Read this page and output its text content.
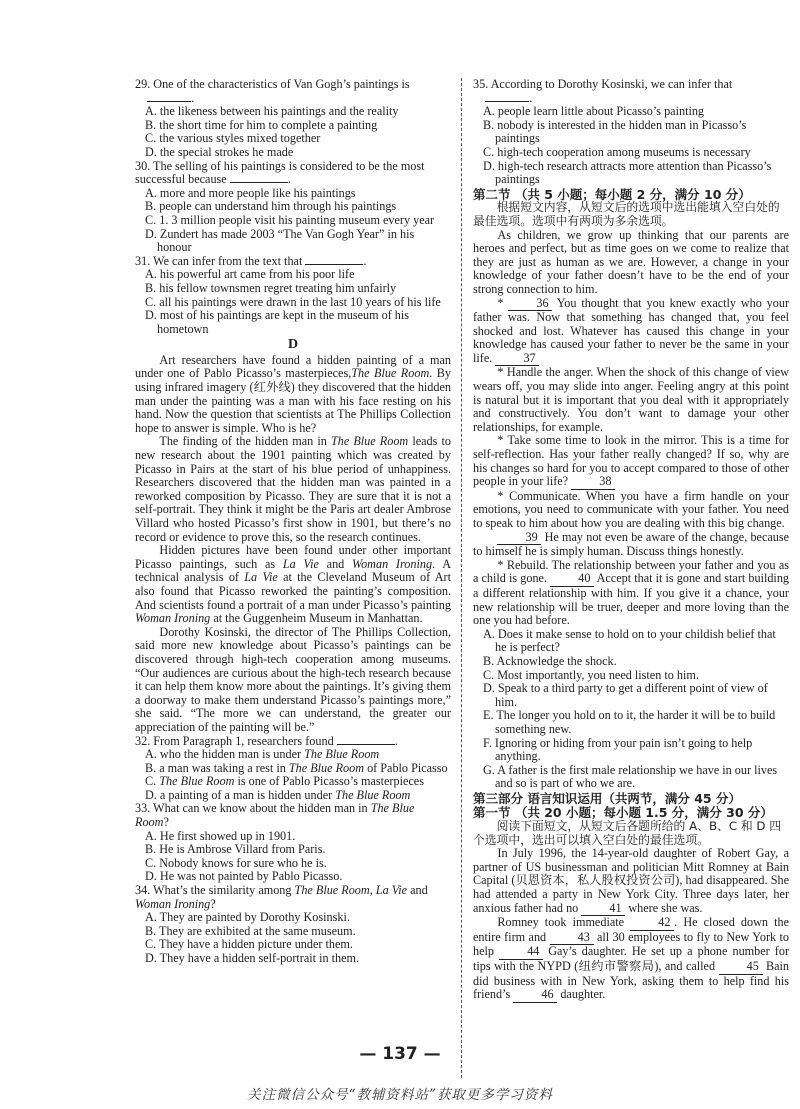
29. One of the characteristics of Van Gogh’s paintings is
.

A. the likeness between his paintings and the reality

B. the short time for him to complete a painting

C. the various styles mixed together

D. the special strokes he made

30. The selling of his paintings is considered to be the most successful because	.

A. more and more people like his paintings

B. people can understand him through his paintings

C. 1. 3 million people visit his painting museum every year

D. Zundert has made 2003 “The Van Gogh Year” in his honour

31. We can infer from the text that	.

A. his powerful art came from his poor life

B. his fellow townsmen regret treating him unfairly

C. all his paintings were drawn in the last 10 years of his life

D. most of his paintings are kept in the museum of his hometown

D

Art researchers have found a hidden painting of a man under one of Pablo Picasso’s masterpieces,The Blue Room. By using infrared imagery (红外线) they discovered that the hidden man under the painting was a man with his face resting on his hand. Now the question that scientists at The Phillips Collection hope to answer is simple. Who is he?

The finding of the hidden man in The Blue Room leads to new research about the 1901 painting which was created by Picasso in Pairs at the start of his blue period of unhappiness. Researchers discovered that the hidden man was painted in a reworked composition by Picasso. They are sure that it is not a self-portrait. They think it might be the Paris art dealer Ambrose Villard who hosted Picasso’s first show in 1901, but there’s no record or evidence to prove this, so the research continues.

Hidden pictures have been found under other important Picasso paintings, such as La Vie and Woman Ironing. A technical analysis of La Vie at the Cleveland Museum of Art also found that Picasso reworked the painting’s composition. And scientists found a portrait of a man under Picasso’s painting Woman Ironing at the Guggenheim Museum in Manhattan.

Dorothy Kosinski, the director of The Phillips Collection, said more new knowledge about Picasso’s paintings can be discovered through high-tech cooperation among museums. “Our audiences are curious about the high-tech research because it can help them know more about the paintings. It’s giving them a doorway to make them understand Picasso’s paintings more,” she said. “The more we can understand, the greater our appreciation of the painting will be.”

32. From Paragraph 1, researchers found	.

A. who the hidden man is under The Blue Room

B. a man was taking a rest in The Blue Room of Pablo Picasso

C. The Blue Room is one of Pablo Picasso’s masterpieces

D. a painting of a man is hidden under The Blue Room

33. What can we know about the hidden man in The Blue Room?

A. He first showed up in 1901.

B. He is Ambrose Villard from Paris.

C. Nobody knows for sure who he is.

D. He was not painted by Pablo Picasso.

34. What’s the similarity among The Blue Room, La Vie and Woman Ironing?

A. They are painted by Dorothy Kosinski.

B. They are exhibited at the same museum.

C. They have a hidden picture under them.

D. They have a hidden self-portrait in them.

35. According to Dorothy Kosinski, we can infer that
.

A. people learn little about Picasso’s painting

B. nobody is interested in the hidden man in Picasso’s paintings

C. high-tech cooperation among museums is necessary

D. high-tech research attracts more attention than Picasso’s paintings

第二节 （共 5 小题；每小题 2 分，满分 10 分）

根据短文内容，从短文后的选项中选出能填入空白处的最佳选项。选项中有两项为多余选项。

As children, we grow up thinking that our parents are heroes and perfect, but as time goes on we come to realize that they are just as human as we are. However, a change in your knowledge of your father doesn’t have to be the end of your strong connection to him.

*	36 You thought that you knew exactly who your father was. Now that something has changed that, you feel shocked and lost. Whatever has caused this change in your knowledge has caused your father to never be the same in your life.	37

* Handle the anger. When the shock of this change of view wears off, you may slide into anger. Feeling angry at this point is natural but it is important that you deal with it appropriately and constructively. You don’t want to damage your other relationships, for example.

* Take some time to look in the mirror. This is a time for self-reflection. Has your father really changed? If so, why are his changes so hard for you to accept compared to those of other people in your life?	38

* Communicate. When you have a firm handle on your emotions, you need to communicate with your father. You need to speak to him about how you are dealing with this big change.

39 He may not even be aware of the change, because to himself he is simply human. Discuss things honestly.

* Rebuild. The relationship between your father and you as a child is gone.	40 Accept that it is gone and start building a different relationship with him. If you give it a chance, your new relationship will be truer, deeper and more loving than the one you had before.

A. Does it make sense to hold on to your childish belief that he is perfect?

B. Acknowledge the shock.

C. Most importantly, you need listen to him.

D. Speak to a third party to get a different point of view of him.

E. The longer you hold on to it, the harder it will be to build something new.

F. Ignoring or hiding from your pain isn’t going to help anything.

G. A father is the first male relationship we have in our lives and so is part of who we are.

第三部分 语言知识运用（共两节，满分 45 分）

第一节 （共 20 小题；每小题 1.5 分，满分 30 分）

阅读下面短文，从短文后各题所给的 A、B、C 和 D 四个选项中，选出可以填入空白处的最佳选项。

In July 1996, the 14-year-old daughter of Robert Gay, a partner of US businessman and politician Mitt Romney at Bain Capital (贝恩资本，私人股权投资公司), had disappeared. She had attended a party in New York City. Three days later, her anxious father had no	41 where she was.

Romney took immediate	42 . He closed down the entire firm and	43 all 30 employees to fly to New York to help	44 Gay’s daughter. He set up a phone number for tips with the NYPD (纽约市警察局), and called	45 Bain did business with in New York, asking them to help find his friend’s	46 daughter.

— 137 —
关注微信公众号“教辅资料站”获取更多学习资料
